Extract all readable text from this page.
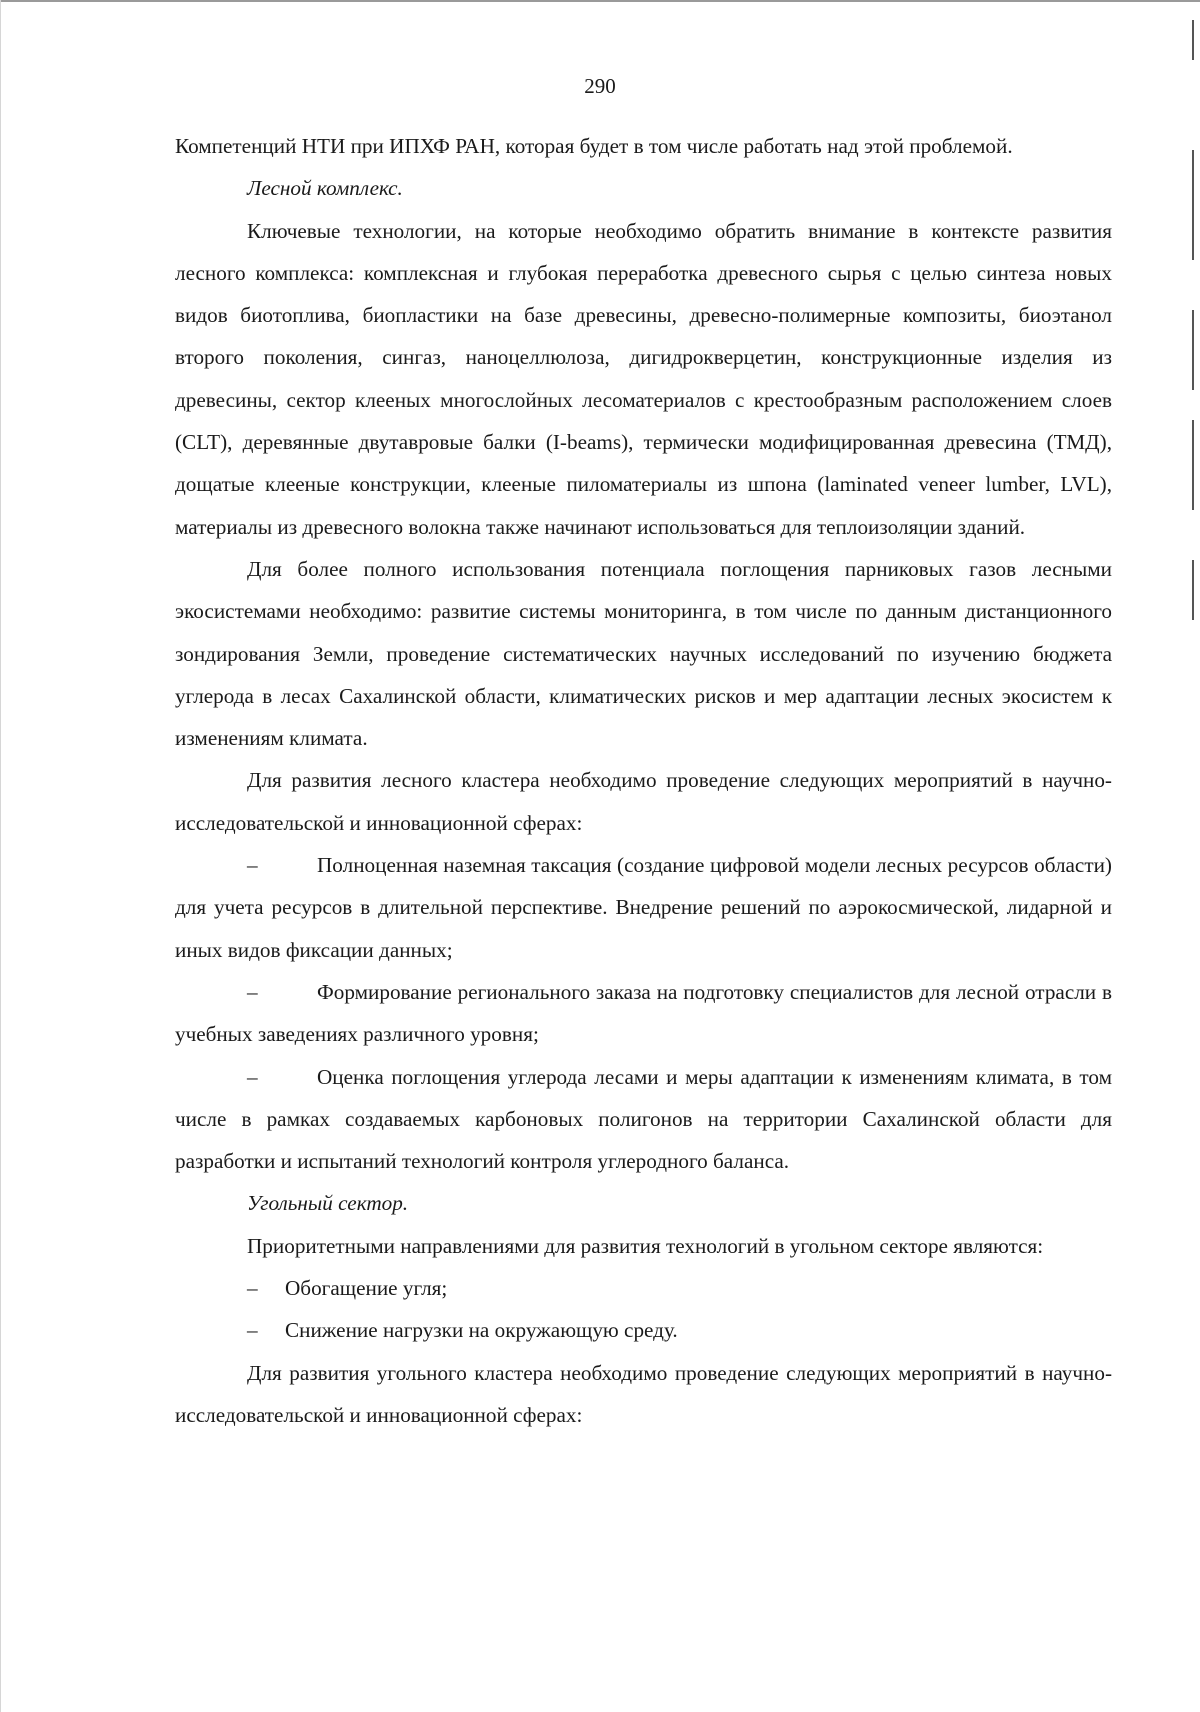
290

Компетенций НТИ при ИПХФ РАН, которая будет в том числе работать над этой проблемой.

Лесной комплекс.

Ключевые технологии, на которые необходимо обратить внимание в контексте развития лесного комплекса: комплексная и глубокая переработка древесного сырья с целью синтеза новых видов биотоплива, биопластики на базе древесины, древесно-полимерные композиты, биоэтанол второго поколения, сингаз, наноцеллюлоза, дигидрокверцетин, конструкционные изделия из древесины, сектор клееных многослойных лесоматериалов с крестообразным расположением слоев (CLT), деревянные двутавровые балки (I-beams), термически модифицированная древесина (ТМД), дощатые клееные конструкции, клееные пиломатериалы из шпона (laminated veneer lumber, LVL), материалы из древесного волокна также начинают использоваться для теплоизоляции зданий.

Для более полного использования потенциала поглощения парниковых газов лесными экосистемами необходимо: развитие системы мониторинга, в том числе по данным дистанционного зондирования Земли, проведение систематических научных исследований по изучению бюджета углерода в лесах Сахалинской области, климатических рисков и мер адаптации лесных экосистем к изменениям климата.

Для развития лесного кластера необходимо проведение следующих мероприятий в научно-исследовательской и инновационной сферах:

–	Полноценная наземная таксация (создание цифровой модели лесных ресурсов области) для учета ресурсов в длительной перспективе. Внедрение решений по аэрокосмической, лидарной и иных видов фиксации данных;

–	Формирование регионального заказа на подготовку специалистов для лесной отрасли в учебных заведениях различного уровня;

–	Оценка поглощения углерода лесами и меры адаптации к изменениям климата, в том числе в рамках создаваемых карбоновых полигонов на территории Сахалинской области для разработки и испытаний технологий контроля углеродного баланса.

Угольный сектор.

Приоритетными направлениями для развития технологий в угольном секторе являются:

– Обогащение угля;

– Снижение нагрузки на окружающую среду.

Для развития угольного кластера необходимо проведение следующих мероприятий в научно-исследовательской и инновационной сферах:
